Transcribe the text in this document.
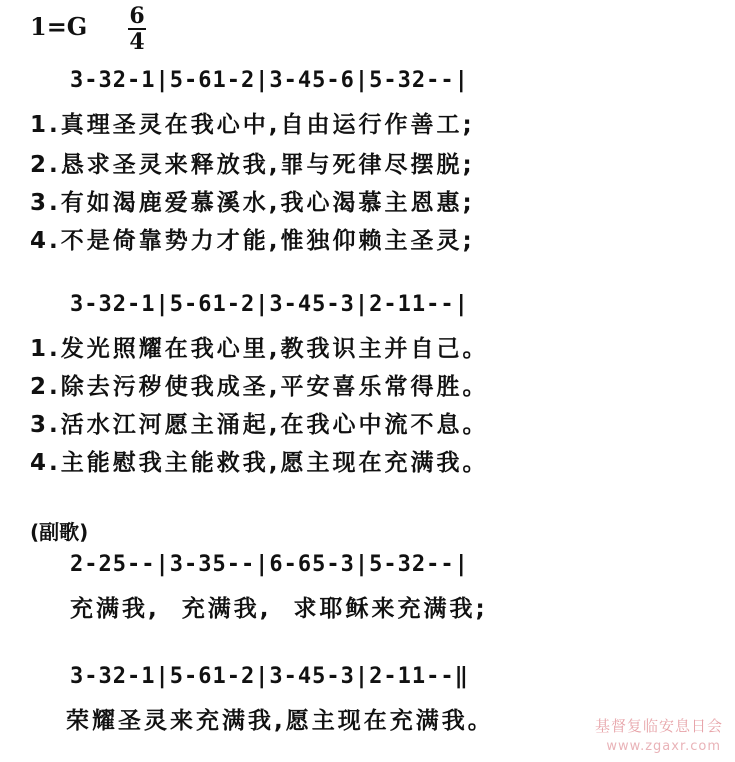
1=G 6
4
3-32-1|5-61-2|3-45-6|5-32--|
1.真理圣灵在我心中,自由运行作善工;
2.恳求圣灵来释放我,罪与死律尽摆脱;
3.有如渴鹿爱慕溪水,我心渴慕主恩惠;
4.不是倚靠势力才能,惟独仰赖主圣灵;
3-32-1|5-61-2|3-45-3|2-11--|
1.发光照耀在我心里,教我识主并自己。
2.除去污秽使我成圣,平安喜乐常得胜。
3.活水江河愿主涌起,在我心中流不息。
4.主能慰我主能救我,愿主现在充满我。
(副歌)
2-25--|3-35--|6-65-3|5-32--|
充满我,  充满我,  求耶稣来充满我;
3-32-1|5-61-2|3-45-3|2-11--‖
荣耀圣灵来充满我,愿主现在充满我。	基督复临安息日会
www.zgaxr.com
